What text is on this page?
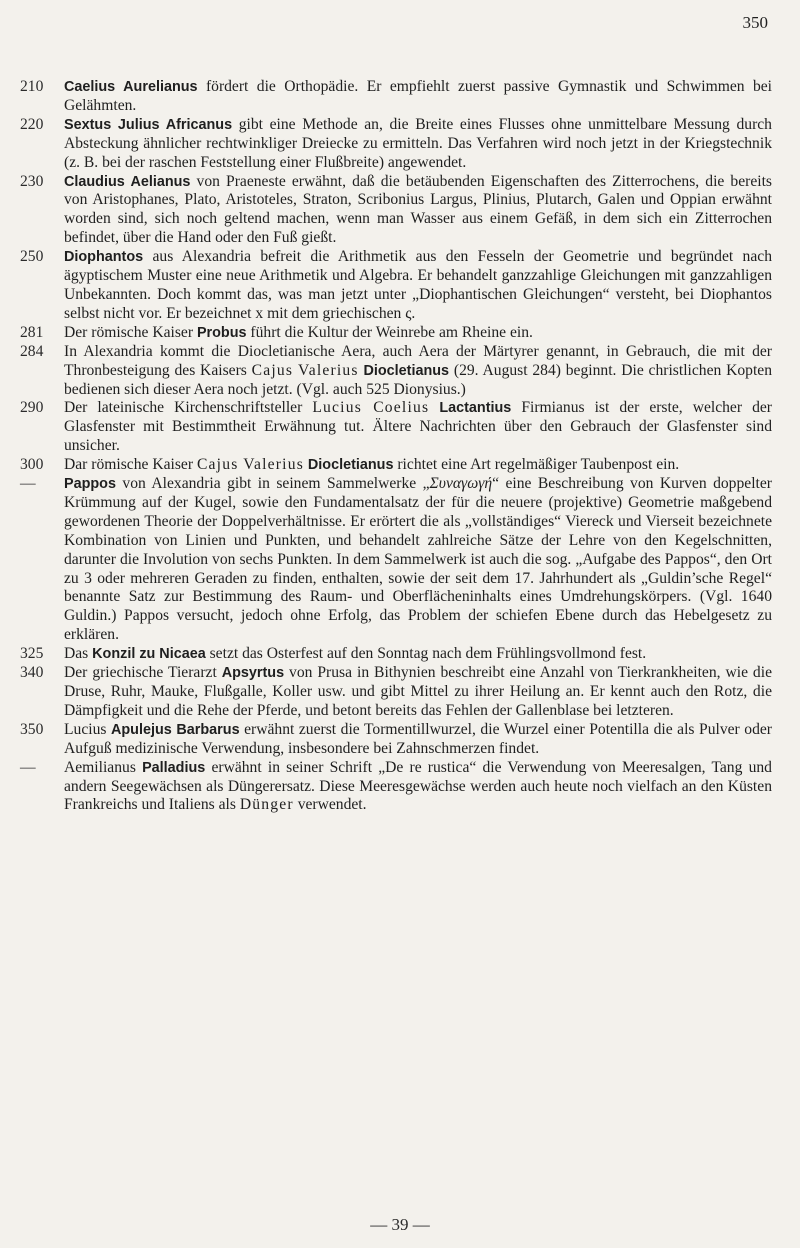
350
210	Caelius Aurelianus fördert die Orthopädie. Er empfiehlt zuerst passive Gymnastik und Schwimmen bei Gelähmten.
220	Sextus Julius Africanus gibt eine Methode an, die Breite eines Flusses ohne unmittelbare Messung durch Absteckung ähnlicher rechtwinkliger Dreiecke zu ermitteln. Das Verfahren wird noch jetzt in der Kriegstechnik (z. B. bei der raschen Feststellung einer Flußbreite) angewendet.
230	Claudius Aelianus von Praeneste erwähnt, daß die betäubenden Eigenschaften des Zitterrochens, die bereits von Aristophanes, Plato, Aristoteles, Straton, Scribonius Largus, Plinius, Plutarch, Galen und Oppian erwähnt worden sind, sich noch geltend machen, wenn man Wasser aus einem Gefäß, in dem sich ein Zitterrochen befindet, über die Hand oder den Fuß gießt.
250	Diophantos aus Alexandria befreit die Arithmetik aus den Fesseln der Geometrie und begründet nach ägyptischem Muster eine neue Arithmetik und Algebra. Er behandelt ganzzahlige Gleichungen mit ganzzahligen Unbekannten. Doch kommt das, was man jetzt unter „Diophantischen Gleichungen“ versteht, bei Diophantos selbst nicht vor. Er bezeichnet x mit dem griechischen ς.
281	Der römische Kaiser Probus führt die Kultur der Weinrebe am Rheine ein.
284	In Alexandria kommt die Diocletianische Aera, auch Aera der Märtyrer genannt, in Gebrauch, die mit der Thronbesteigung des Kaisers Cajus Valerius Diocletianus (29. August 284) beginnt. Die christlichen Kopten bedienen sich dieser Aera noch jetzt. (Vgl. auch 525 Dionysius.)
290	Der lateinische Kirchenschriftsteller Lucius Coelius Lactantius Firmianus ist der erste, welcher der Glasfenster mit Bestimmtheit Erwähnung tut. Ältere Nachrichten über den Gebrauch der Glasfenster sind unsicher.
300	Dar römische Kaiser Cajus Valerius Diocletianus richtet eine Art regelmäßiger Taubenpost ein.
—	Pappos von Alexandria gibt in seinem Sammelwerke „Συναγωγή“ eine Beschreibung von Kurven doppelter Krümmung auf der Kugel, sowie den Fundamentalsatz der für die neuere (projektive) Geometrie maßgebend gewordenen Theorie der Doppelverhältnisse. Er erörtert die als „vollständiges“ Viereck und Vierseit bezeichnete Kombination von Linien und Punkten, und behandelt zahlreiche Sätze der Lehre von den Kegelschnitten, darunter die Involution von sechs Punkten. In dem Sammelwerk ist auch die sog. „Aufgabe des Pappos“, den Ort zu 3 oder mehreren Geraden zu finden, enthalten, sowie der seit dem 17. Jahrhundert als „Guldin’sche Regel“ benannte Satz zur Bestimmung des Raum- und Oberflächeninhalts eines Umdrehungskörpers. (Vgl. 1640 Guldin.) Pappos versucht, jedoch ohne Erfolg, das Problem der schiefen Ebene durch das Hebelgesetz zu erklären.
325	Das Konzil zu Nicaea setzt das Osterfest auf den Sonntag nach dem Frühlingsvollmond fest.
340	Der griechische Tierarzt Apsyrtus von Prusa in Bithynien beschreibt eine Anzahl von Tierkrankheiten, wie die Druse, Ruhr, Mauke, Flußgalle, Koller usw. und gibt Mittel zu ihrer Heilung an. Er kennt auch den Rotz, die Dämpfigkeit und die Rehe der Pferde, und betont bereits das Fehlen der Gallenblase bei letzteren.
350	Lucius Apulejus Barbarus erwähnt zuerst die Tormentillwurzel, die Wurzel einer Potentilla die als Pulver oder Aufguß medizinische Verwendung, insbesondere bei Zahnschmerzen findet.
—	Aemilianus Palladius erwähnt in seiner Schrift „De re rustica“ die Verwendung von Meeresalgen, Tang und andern Seegewächsen als Düngerersatz. Diese Meeresgewächse werden auch heute noch vielfach an den Küsten Frankreichs und Italiens als Dünger verwendet.
— 39 —
